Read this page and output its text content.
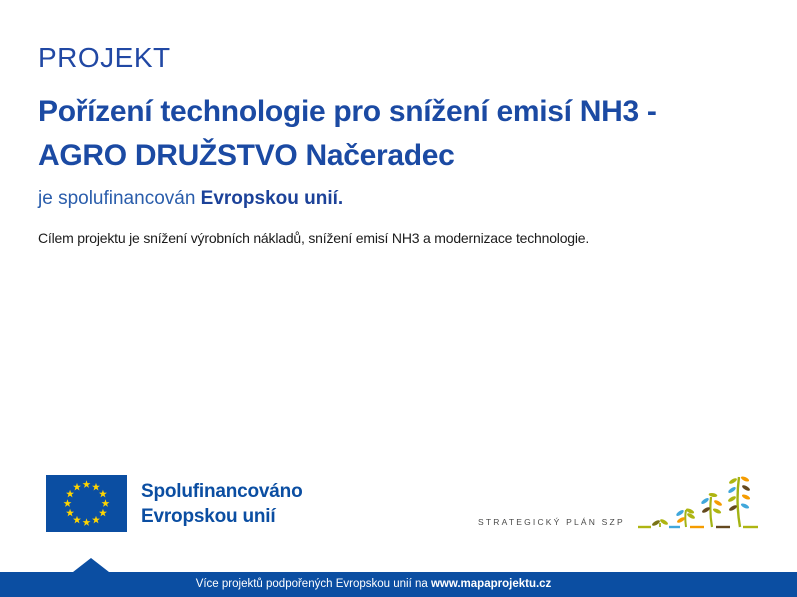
PROJEKT
Pořízení technologie pro snížení emisí NH3 -
AGRO DRUŽSTVO Načeradec

je spolufinancován Evropskou unií.

Cílem projektu je snížení výrobních nákladů, snížení emisí NH3 a modernizace technologie.

Spolufinancováno
Evropskou unií	STRATEGICKÝ PLÁN SZP
Více projektů podpořených Evropskou unií na www.mapaprojektu.cz
